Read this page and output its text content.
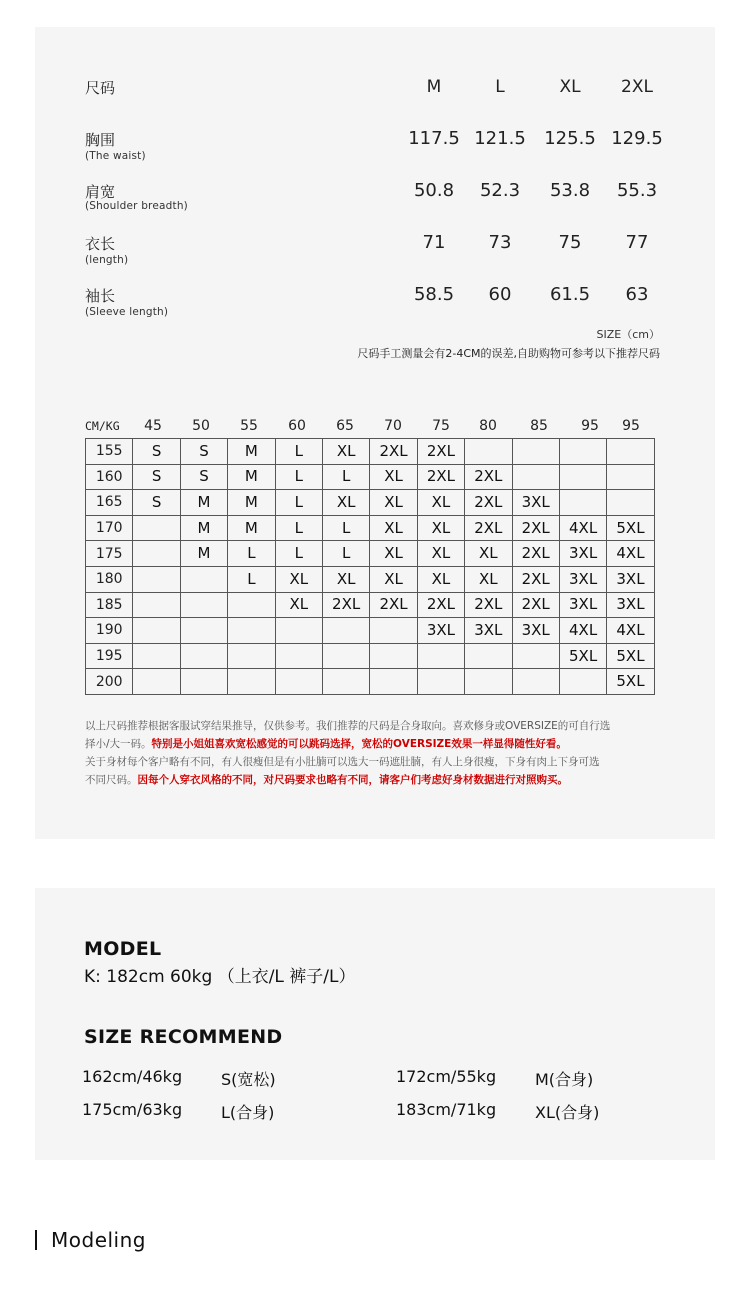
尺码	M	L	XL	2XL
胸围
(The waist)
117.5 121.5	125.5 129.5
肩宽
(Shoulder breadth)
50.8	52.3	53.8	55.3
衣长
(length)
71	73	75	77
袖长
(Sleeve length)
58.5	60	61.5	63
SIZE（cm）
尺码手工测量会有2-4CM的误差,自助购物可参考以下推荐尺码
CM/KG 45 50 55 60 65 70 75 80 85 95 95
155	S	S	M	L	XL	2XL	2XL				
160	S	S	M	L	L	XL	2XL	2XL			
165	S	M	M	L	XL	XL	XL	2XL	3XL		
170		M	M	L	L	XL	XL	2XL	2XL	4XL	5XL
175		M	L	L	L	XL	XL	XL	2XL	3XL	4XL
180			L	XL	XL	XL	XL	XL	2XL	3XL	3XL
185				XL	2XL	2XL	2XL	2XL	2XL	3XL	3XL
190							3XL	3XL	3XL	4XL	4XL
195										5XL	5XL
200											5XL
以上尺码推荐根据客服试穿结果推导，仅供参考。我们推荐的尺码是合身取向。喜欢修身或OVERSIZE的可自行选
择小/大一码。特别是小姐姐喜欢宽松感觉的可以跳码选择，宽松的OVERSIZE效果一样显得随性好看。
关于身材每个客户略有不同，有人很瘦但是有小肚腩可以选大一码遮肚腩，有人上身很瘦，下身有肉上下身可选
不同尺码。因每个人穿衣风格的不同，对尺码要求也略有不同，请客户们考虑好身材数据进行对照购买。
MODEL
K: 182cm 60kg （上衣/L 裤子/L）
SIZE RECOMMEND
162cm/46kg S(宽松)	172cm/55kg M(合身)
175cm/63kg L(合身)	183cm/71kg XL(合身)
Modeling
